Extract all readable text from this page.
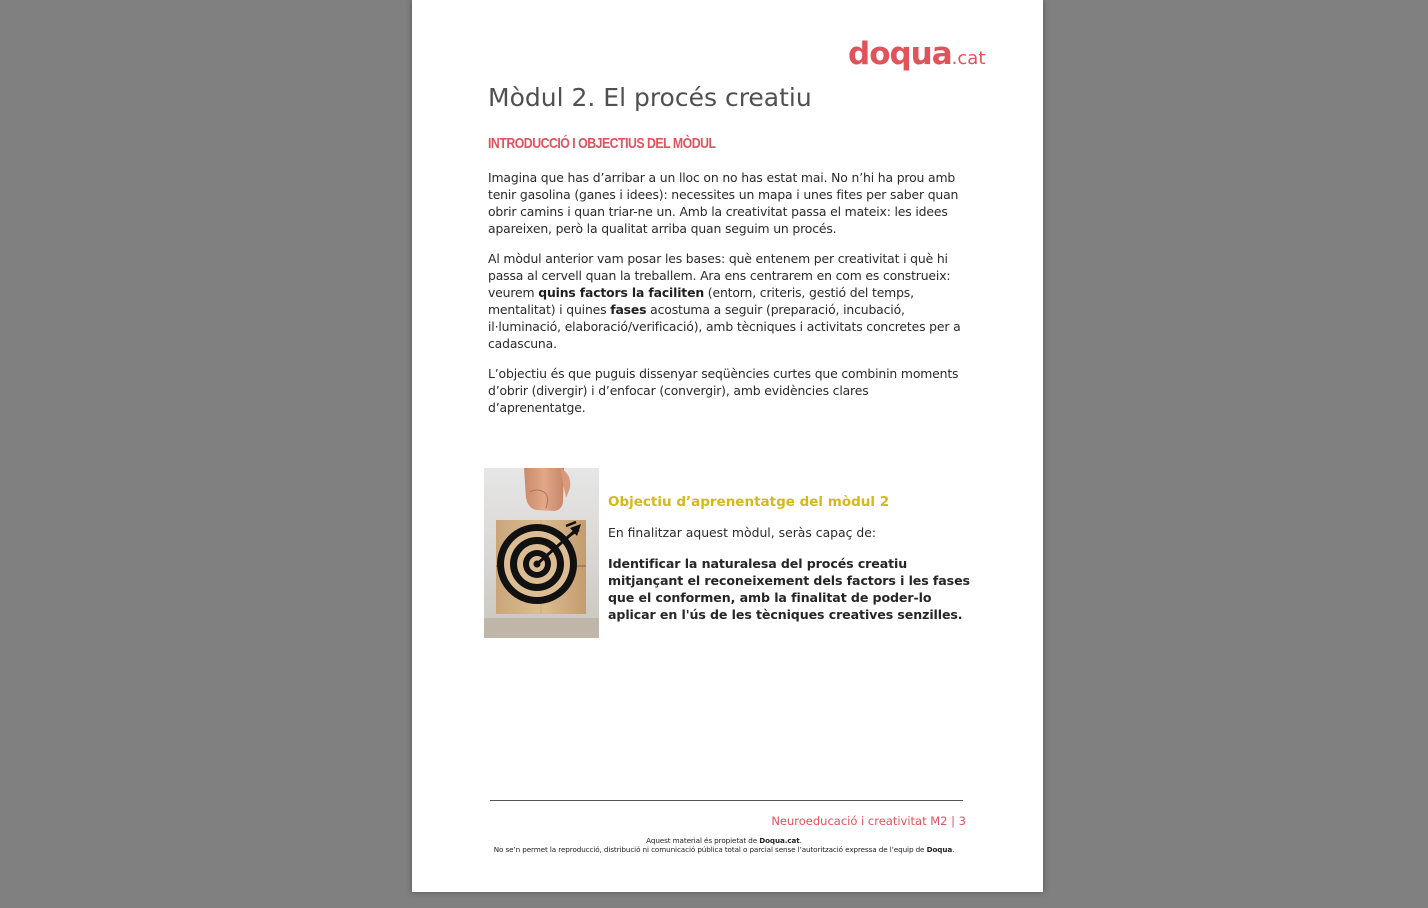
doqua.cat
Mòdul 2. El procés creatiu
INTRODUCCIÓ I OBJECTIUS DEL MÒDUL

Imagina que has d’arribar a un lloc on no has estat mai. No n’hi ha prou amb tenir gasolina (ganes i idees): necessites un mapa i unes fites per saber quan obrir camins i quan triar-ne un. Amb la creativitat passa el mateix: les idees apareixen, però la qualitat arriba quan seguim un procés.

Al mòdul anterior vam posar les bases: què entenem per creativitat i què hi passa al cervell quan la treballem. Ara ens centrarem en com es construeix: veurem quins factors la faciliten (entorn, criteris, gestió del temps, mentalitat) i quines fases acostuma a seguir (preparació, incubació, il·luminació, elaboració/verificació), amb tècniques i activitats concretes per a cadascuna.

L’objectiu és que puguis dissenyar seqüències curtes que combinin moments d’obrir (divergir) i d’enfocar (convergir), amb evidències clares d’aprenentatge.

Objectiu d’aprenentatge del mòdul 2
En finalitzar aquest mòdul, seràs capaç de:
Identificar la naturalesa del procés creatiu mitjançant el reconeixement dels factors i les fases que el conformen, amb la finalitat de poder-lo aplicar en l'ús de les tècniques creatives senzilles.
Neuroeducació i creativitat M2 | 3
Aquest material és propietat de Doqua.cat.
No se’n permet la reproducció, distribució ni comunicació pública total o parcial sense l’autorització expressa de l’equip de Doqua.
